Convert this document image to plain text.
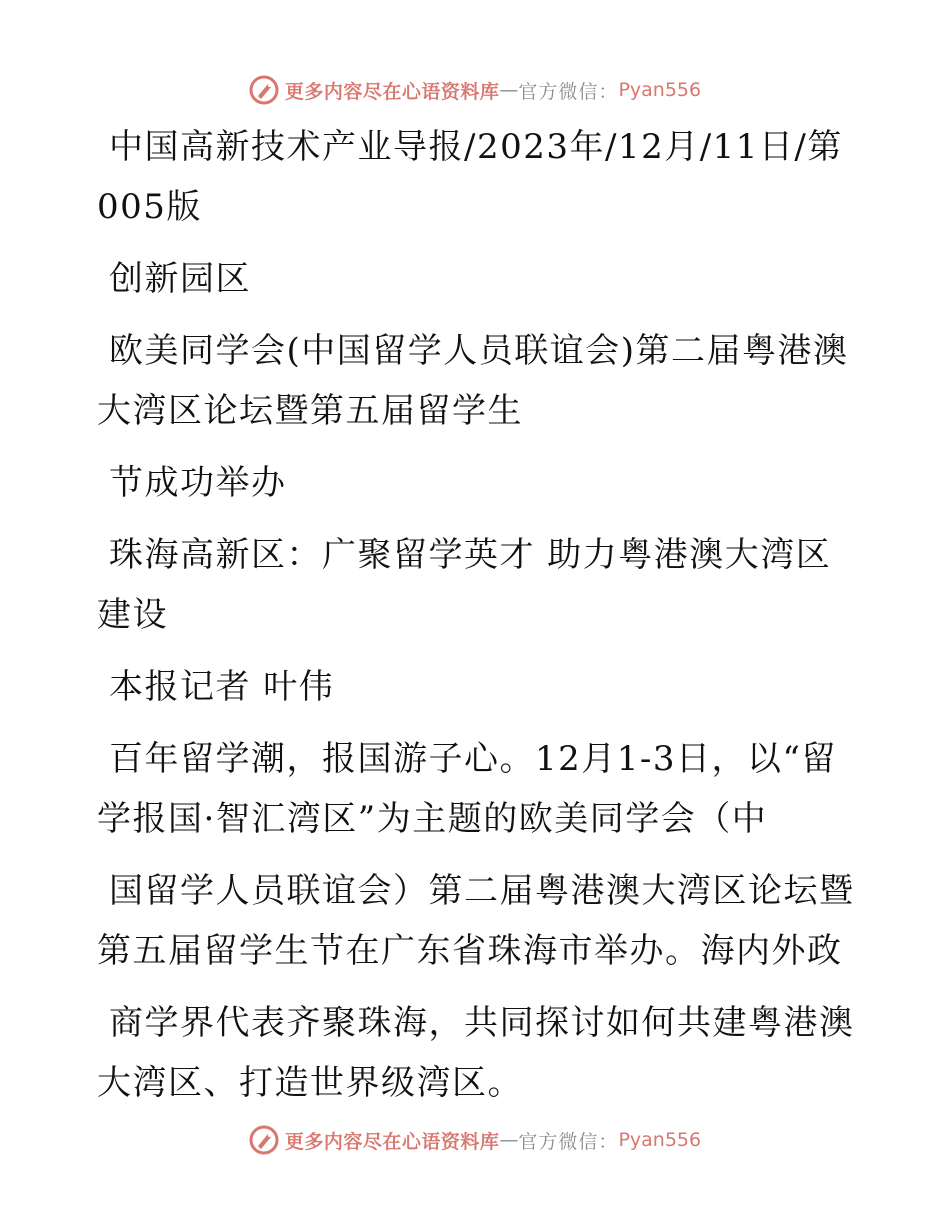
更多内容尽在心语资料库 — 官方微信： Pyan556

中国高新技术产业导报/2023年/12月/11日/第005版

创新园区

欧美同学会(中国留学人员联谊会)第二届粤港澳大湾区论坛暨第五届留学生

节成功举办

珠海高新区：广聚留学英才 助力粤港澳大湾区建设

本报记者 叶伟

百年留学潮，报国游子心。12月1-3日，以“留学报国·智汇湾区”为主题的欧美同学会（中

国留学人员联谊会）第二届粤港澳大湾区论坛暨第五届留学生节在广东省珠海市举办。海内外政

商学界代表齐聚珠海，共同探讨如何共建粤港澳大湾区、打造世界级湾区。

更多内容尽在心语资料库 — 官方微信： Pyan556
